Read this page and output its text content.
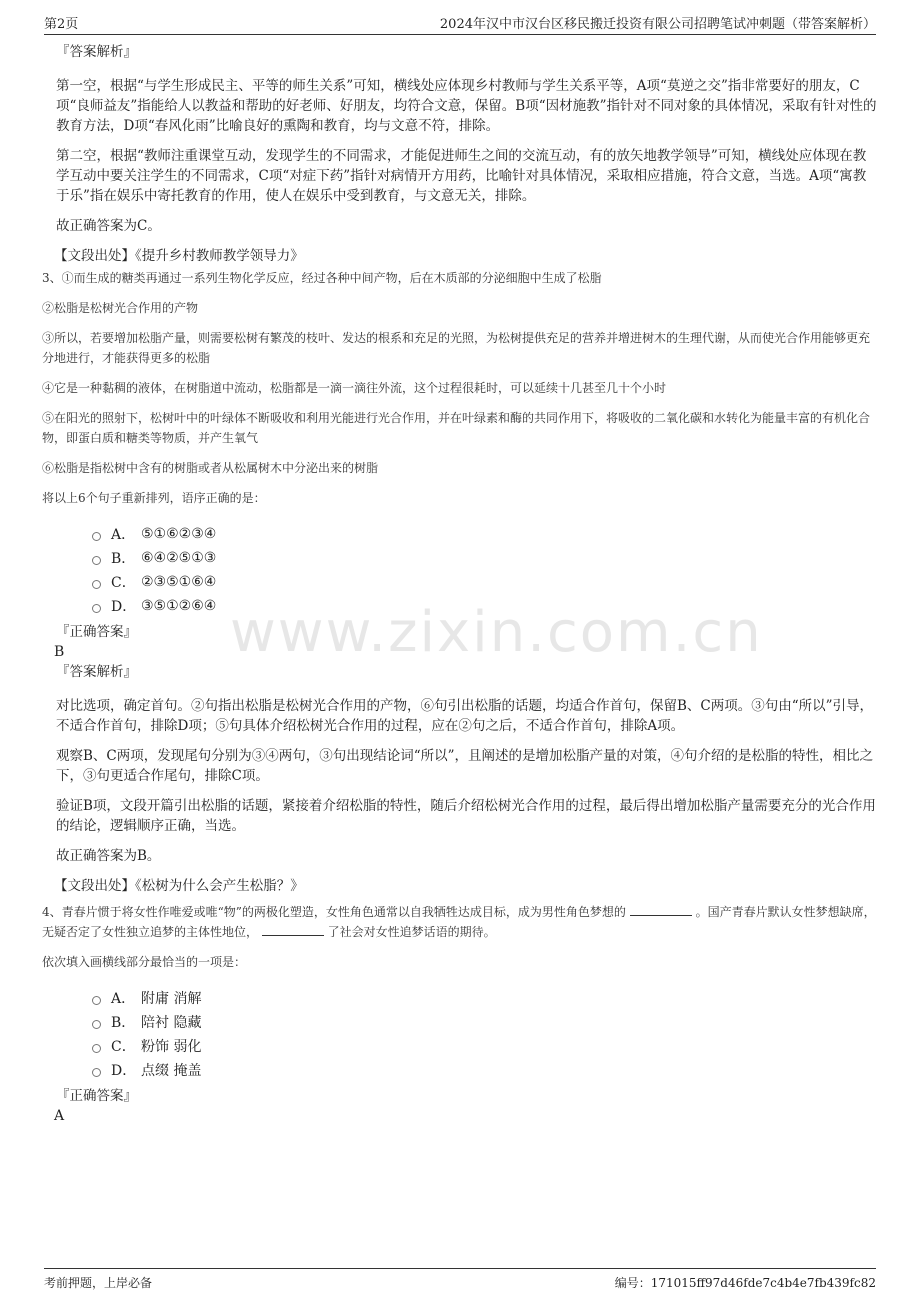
第2页	2024年汉中市汉台区移民搬迁投资有限公司招聘笔试冲刺题（带答案解析）
www.zixin.com.cn
『答案解析』

第一空，根据“与学生形成民主、平等的师生关系”可知，横线处应体现乡村教师与学生关系平等，A项“莫逆之交”指非常要好的朋友，C项“良师益友”指能给人以教益和帮助的好老师、好朋友，均符合文意，保留。B项“因材施教”指针对不同对象的具体情况，采取有针对性的教育方法，D项“春风化雨”比喻良好的熏陶和教育，均与文意不符，排除。

第二空，根据“教师注重课堂互动，发现学生的不同需求，才能促进师生之间的交流互动，有的放矢地教学领导”可知，横线处应体现在教学互动中要关注学生的不同需求，C项“对症下药”指针对病情开方用药，比喻针对具体情况，采取相应措施，符合文意，当选。A项“寓教于乐”指在娱乐中寄托教育的作用，使人在娱乐中受到教育，与文意无关，排除。

故正确答案为C。

【文段出处】《提升乡村教师教学领导力》

3、①而生成的糖类再通过一系列生物化学反应，经过各种中间产物，后在木质部的分泌细胞中生成了松脂

②松脂是松树光合作用的产物

③所以，若要增加松脂产量，则需要松树有繁茂的枝叶、发达的根系和充足的光照，为松树提供充足的营养并增进树木的生理代谢，从而使光合作用能够更充分地进行，才能获得更多的松脂

④它是一种黏稠的液体，在树脂道中流动，松脂都是一滴一滴往外流，这个过程很耗时，可以延续十几甚至几十个小时

⑤在阳光的照射下，松树叶中的叶绿体不断吸收和利用光能进行光合作用，并在叶绿素和酶的共同作用下，将吸收的二氧化碳和水转化为能量丰富的有机化合物，即蛋白质和糖类等物质，并产生氧气

⑥松脂是指松树中含有的树脂或者从松属树木中分泌出来的树脂

将以上6个句子重新排列，语序正确的是：

A． ⑤①⑥②③④
B． ⑥④②⑤①③
C． ②③⑤①⑥④
D． ③⑤①②⑥④
『正确答案』

B

『答案解析』

对比选项，确定首句。②句指出松脂是松树光合作用的产物，⑥句引出松脂的话题，均适合作首句，保留B、C两项。③句由“所以”引导，不适合作首句，排除D项；⑤句具体介绍松树光合作用的过程，应在②句之后，不适合作首句，排除A项。

观察B、C两项，发现尾句分别为③④两句，③句出现结论词“所以”，且阐述的是增加松脂产量的对策，④句介绍的是松脂的特性，相比之下，③句更适合作尾句，排除C项。

验证B项，文段开篇引出松脂的话题，紧接着介绍松脂的特性，随后介绍松树光合作用的过程，最后得出增加松脂产量需要充分的光合作用的结论，逻辑顺序正确，当选。

故正确答案为B。

【文段出处】《松树为什么会产生松脂？》

4、青春片惯于将女性作唯爱或唯“物”的两极化塑造，女性角色通常以自我牺牲达成目标，成为男性角色梦想的	。国产青春片默认女性梦想缺席，无疑否定了女性独立追梦的主体性地位，	了社会对女性追梦话语的期待。

依次填入画横线部分最恰当的一项是：

A． 附庸 消解
B． 陪衬 隐藏
C． 粉饰 弱化
D． 点缀 掩盖
『正确答案』

A

考前押题，上岸必备	编号：171015ff97d46fde7c4b4e7fb439fc82
